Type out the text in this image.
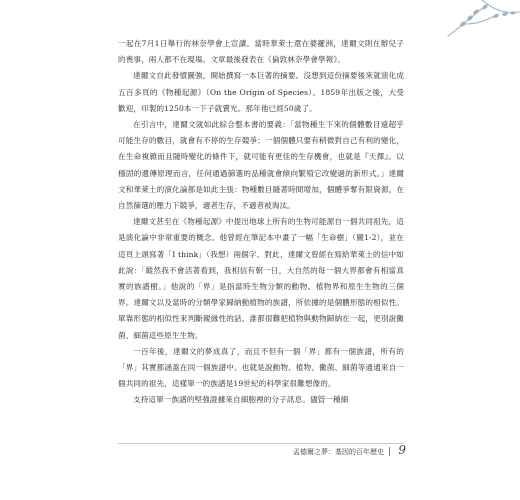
一起在7月1日舉行的林奈學會上宣讀。當時華萊士還在婆羅洲，達爾文則在辦兒子的喪事，兩人都不在現場。文章最後發表在《倫敦林奈學會學報》。

達爾文自此發憤圖強，開始撰寫一本巨著的摘要。沒想到這份摘要後來就演化成五百多頁的《物種起源》（On the Origin of Species）。1859年出版之後，大受歡迎，印製的1250本一下子就賣光。那年他已經50歲了。

在引言中，達爾文就如此綜合整本書的要義：「當物種生下來的個體數目遠超乎可能生存的數目，就會有不停的生存競爭；一個個體只要有稍微對自己有利的變化，在生命複雜而且隨時變化的條件下，就可能有更佳的生存機會，也就是『天擇』。以穩固的遺傳原理而言，任何通過篩選的品種就會傾向繁殖它改變過的新形式。」達爾文和華萊士的演化論都是如此主張：物種數目隨著時間增加，個體爭奪有限資源，在自然篩選的壓力下競爭，適者生存，不適者被淘汰。

達爾文甚至在《物種起源》中提出地球上所有的生物可能源自一個共同祖先，這是演化論中非常重要的概念。他曾經在筆記本中畫了一幅「生命樹」（圖1-2），並在這頁上頭寫著「I think」（我想）兩個字。對此，達爾文曾經在寫給華萊士的信中如此說：「縱然我不會活著看到，我相信有朝一日，大自然的每一個大界都會有相當真實的族譜樹。」他說的「界」是指當時生物分類的動物、植物界和原生生物的三個界。達爾文以及當時的分類學家歸納動植物的族譜，所依據的是個體形態的相似性。單靠形態的相似性來判斷親緣性的話，誰都很難把植物與動物歸納在一起，更別說黴菌、細菌這些原生生物。

一百年後，達爾文的夢成真了，而且不但有一個「界」都有一個族譜，所有的「界」其實都涵蓋在同一個族譜中。也就是說動物、植物、黴菌、細菌等通通來自一個共同的祖先，這樣單一的族譜是19世紀的科學家很難想像的。

支持這單一族譜的堅強證據來自細胞裡的分子訊息。儘管一種細

孟德爾之夢：基因的百年歷史 9
